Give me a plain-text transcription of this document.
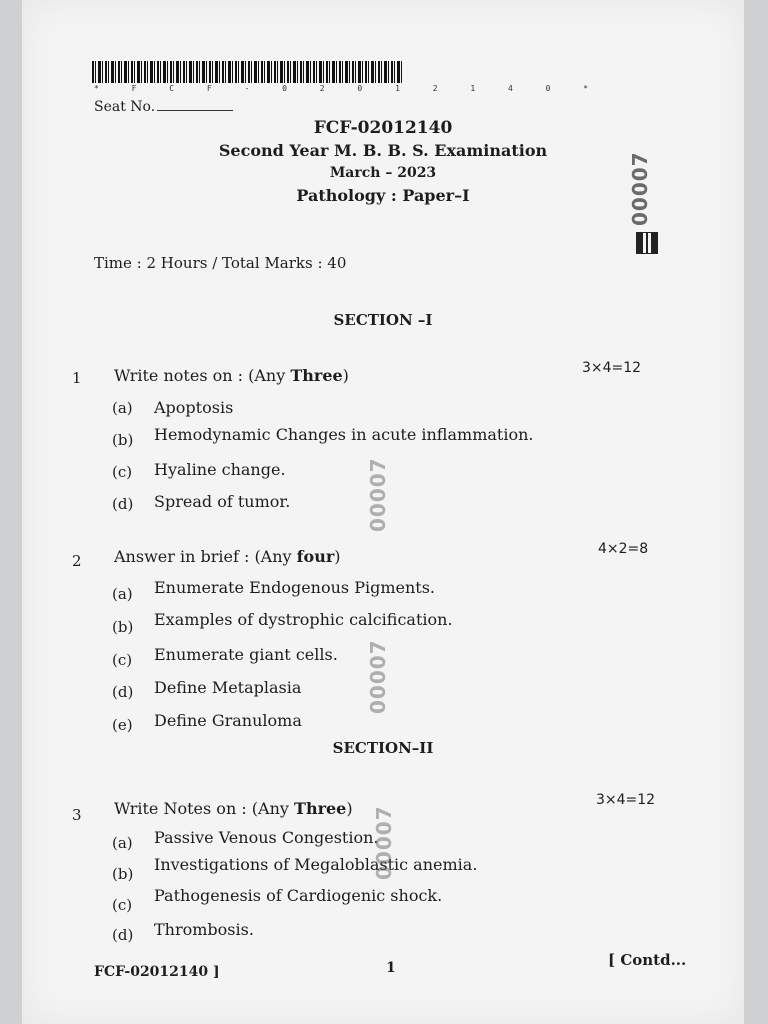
* F C F - 0 2 0 1 2 1 4 0 *
Seat No.
FCF-02012140
Second Year M. B. B. S. Examination
March – 2023
Pathology : Paper–I	00007
Time : 2 Hours / Total Marks : 40
SECTION –I
1 Write notes on : (Any Three)	3×4=12
(a) Apoptosis
(b) Hemodynamic Changes in acute inflammation.
(c) Hyaline change.
(d) Spread of tumor.	00007
2 Answer in brief : (Any four)	4×2=8
(a) Enumerate Endogenous Pigments.
(b) Examples of dystrophic calcification.
(c) Enumerate giant cells.
(d) Define Metaplasia
(e) Define Granuloma
00007
SECTION–II
3 Write Notes on : (Any Three)	3×4=12
(a) Passive Venous Congestion.
(b) Investigations of Megaloblastic anemia.
(c) Pathogenesis of Cardiogenic shock.
(d) Thrombosis.
00007
FCF-02012140 ]	1	[ Contd...
